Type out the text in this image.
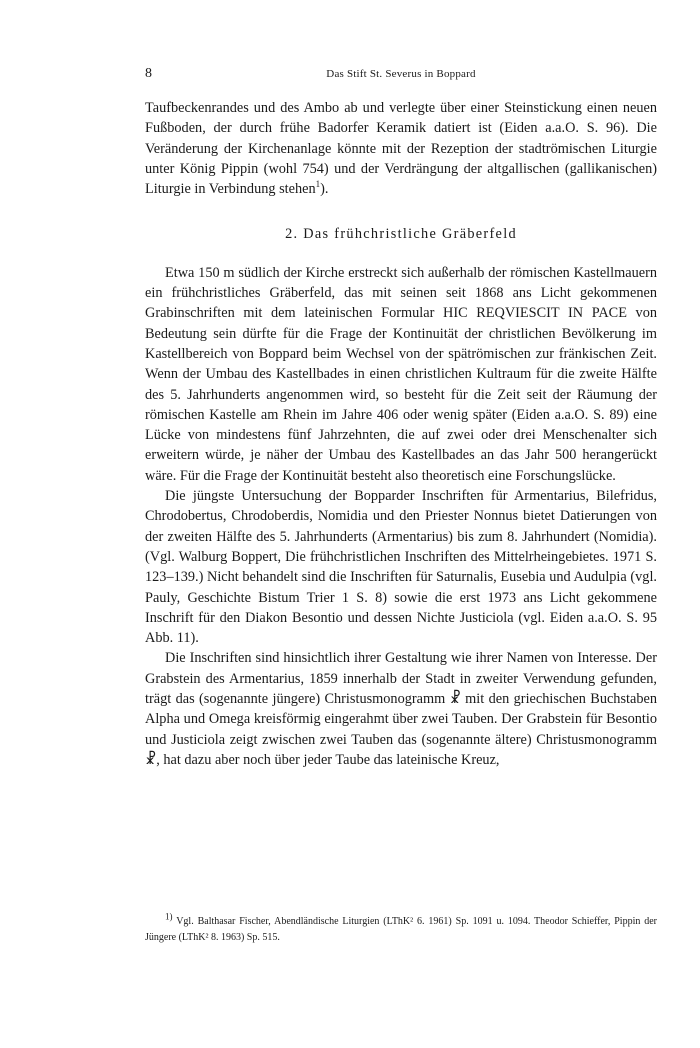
8	Das Stift St. Severus in Boppard

Taufbeckenrandes und des Ambo ab und verlegte über einer Steinstickung einen neuen Fußboden, der durch frühe Badorfer Keramik datiert ist (Eiden a.a.O. S. 96). Die Veränderung der Kirchenanlage könnte mit der Rezeption der stadtrömischen Liturgie unter König Pippin (wohl 754) und der Verdrängung der altgallischen (gallikanischen) Liturgie in Verbindung stehen$^1$).

2. Das frühchristliche Gräberfeld

Etwa 150 m südlich der Kirche erstreckt sich außerhalb der römischen Kastellmauern ein frühchristliches Gräberfeld, das mit seinen seit 1868 ans Licht gekommenen Grabinschriften mit dem lateinischen Formular HIC REQVIESCIT IN PACE von Bedeutung sein dürfte für die Frage der Kontinuität der christlichen Bevölkerung im Kastellbereich von Boppard beim Wechsel von der spätrömischen zur fränkischen Zeit. Wenn der Umbau des Kastellbades in einen christlichen Kultraum für die zweite Hälfte des 5. Jahrhunderts angenommen wird, so besteht für die Zeit seit der Räumung der römischen Kastelle am Rhein im Jahre 406 oder wenig später (Eiden a.a.O. S. 89) eine Lücke von mindestens fünf Jahrzehnten, die auf zwei oder drei Menschenalter sich erweitern würde, je näher der Umbau des Kastellbades an das Jahr 500 herangerückt wäre. Für die Frage der Kontinuität besteht also theoretisch eine Forschungslücke.

Die jüngste Untersuchung der Bopparder Inschriften für Armentarius, Bilefridus, Chrodobertus, Chrodoberdis, Nomidia und den Priester Nonnus bietet Datierungen von der zweiten Hälfte des 5. Jahrhunderts (Armentarius) bis zum 8. Jahrhundert (Nomidia). (Vgl. Walburg Boppert, Die frühchristlichen Inschriften des Mittelrheingebietes. 1971 S. 123–139.) Nicht behandelt sind die Inschriften für Saturnalis, Eusebia und Audulpia (vgl. Pauly, Geschichte Bistum Trier 1 S. 8) sowie die erst 1973 ans Licht gekommene Inschrift für den Diakon Besontio und dessen Nichte Justiciola (vgl. Eiden a.a.O. S. 95 Abb. 11).

Die Inschriften sind hinsichtlich ihrer Gestaltung wie ihrer Namen von Interesse. Der Grabstein des Armentarius, 1859 innerhalb der Stadt in zweiter Verwendung gefunden, trägt das (sogenannte jüngere) Christusmonogramm ☧ mit den griechischen Buchstaben Alpha und Omega kreisförmig eingerahmt über zwei Tauben. Der Grabstein für Besontio und Justiciola zeigt zwischen zwei Tauben das (sogenannte ältere) Christusmonogramm ☧, hat dazu aber noch über jeder Taube das lateinische Kreuz,

$^{1)}$ Vgl. Balthasar Fischer, Abendländische Liturgien (LThK² 6. 1961) Sp. 1091 u. 1094. Theodor Schieffer, Pippin der Jüngere (LThK² 8. 1963) Sp. 515.
